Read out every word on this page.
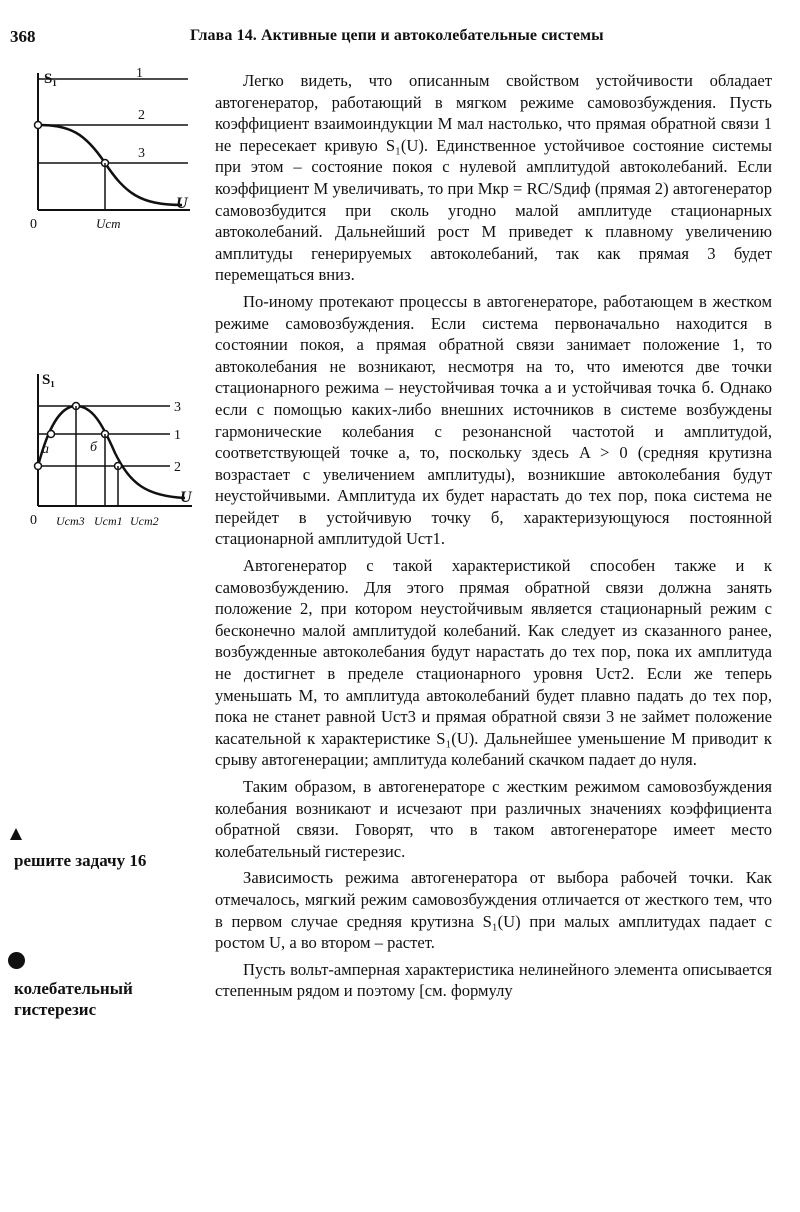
368	Глава 14. Активные цепи и автоколебательные системы
S₁
U
0
1
2
3
Uст
S₁
U
0
3
1
2
a	б
Uст3 Uст1 Uст2
решите задачу 16
колебательный гистерезис

Легко видеть, что описанным свойством устойчивости обладает автогенератор, работающий в мягком режиме самовозбуждения. Пусть коэффициент взаимоиндукции M мал настолько, что прямая обратной связи 1 не пересекает кривую S₁(U). Единственное устойчивое состояние системы при этом – состояние покоя с нулевой амплитудой автоколебаний. Если коэффициент M увеличивать, то при Mкр = RC/Sдиф (прямая 2) автогенератор самовозбудится при сколь угодно малой амплитуде стационарных автоколебаний. Дальнейший рост M приведет к плавному увеличению амплитуды генерируемых автоколебаний, так как прямая 3 будет перемещаться вниз.

По-иному протекают процессы в автогенераторе, работающем в жестком режиме самовозбуждения. Если система первоначально находится в состоянии покоя, а прямая обратной связи занимает положение 1, то автоколебания не возникают, несмотря на то, что имеются две точки стационарного режима – неустойчивая точка a и устойчивая точка б. Однако если с помощью каких-либо внешних источников в системе возбуждены гармонические колебания с резонансной частотой и амплитудой, соответствующей точке a, то, поскольку здесь A > 0 (средняя крутизна возрастает с увеличением амплитуды), возникшие автоколебания будут неустойчивыми. Амплитуда их будет нарастать до тех пор, пока система не перейдет в устойчивую точку б, характеризующуюся постоянной стационарной амплитудой Uст1.

Автогенератор с такой характеристикой способен также и к самовозбуждению. Для этого прямая обратной связи должна занять положение 2, при котором неустойчивым является стационарный режим с бесконечно малой амплитудой колебаний. Как следует из сказанного ранее, возбужденные автоколебания будут нарастать до тех пор, пока их амплитуда не достигнет в пределе стационарного уровня Uст2. Если же теперь уменьшать M, то амплитуда автоколебаний будет плавно падать до тех пор, пока не станет равной Uст3 и прямая обратной связи 3 не займет положение касательной к характеристике S₁(U). Дальнейшее уменьшение M приводит к срыву автогенерации; амплитуда колебаний скачком падает до нуля.

Таким образом, в автогенераторе с жестким режимом самовозбуждения колебания возникают и исчезают при различных значениях коэффициента обратной связи. Говорят, что в таком автогенераторе имеет место колебательный гистерезис.

Зависимость режима автогенератора от выбора рабочей точки. Как отмечалось, мягкий режим самовозбуждения отличается от жесткого тем, что в первом случае средняя крутизна S₁(U) при малых амплитудах падает с ростом U, а во втором – растет.

Пусть вольт-амперная характеристика нелинейного элемента описывается степенным рядом и поэтому [см. формулу
